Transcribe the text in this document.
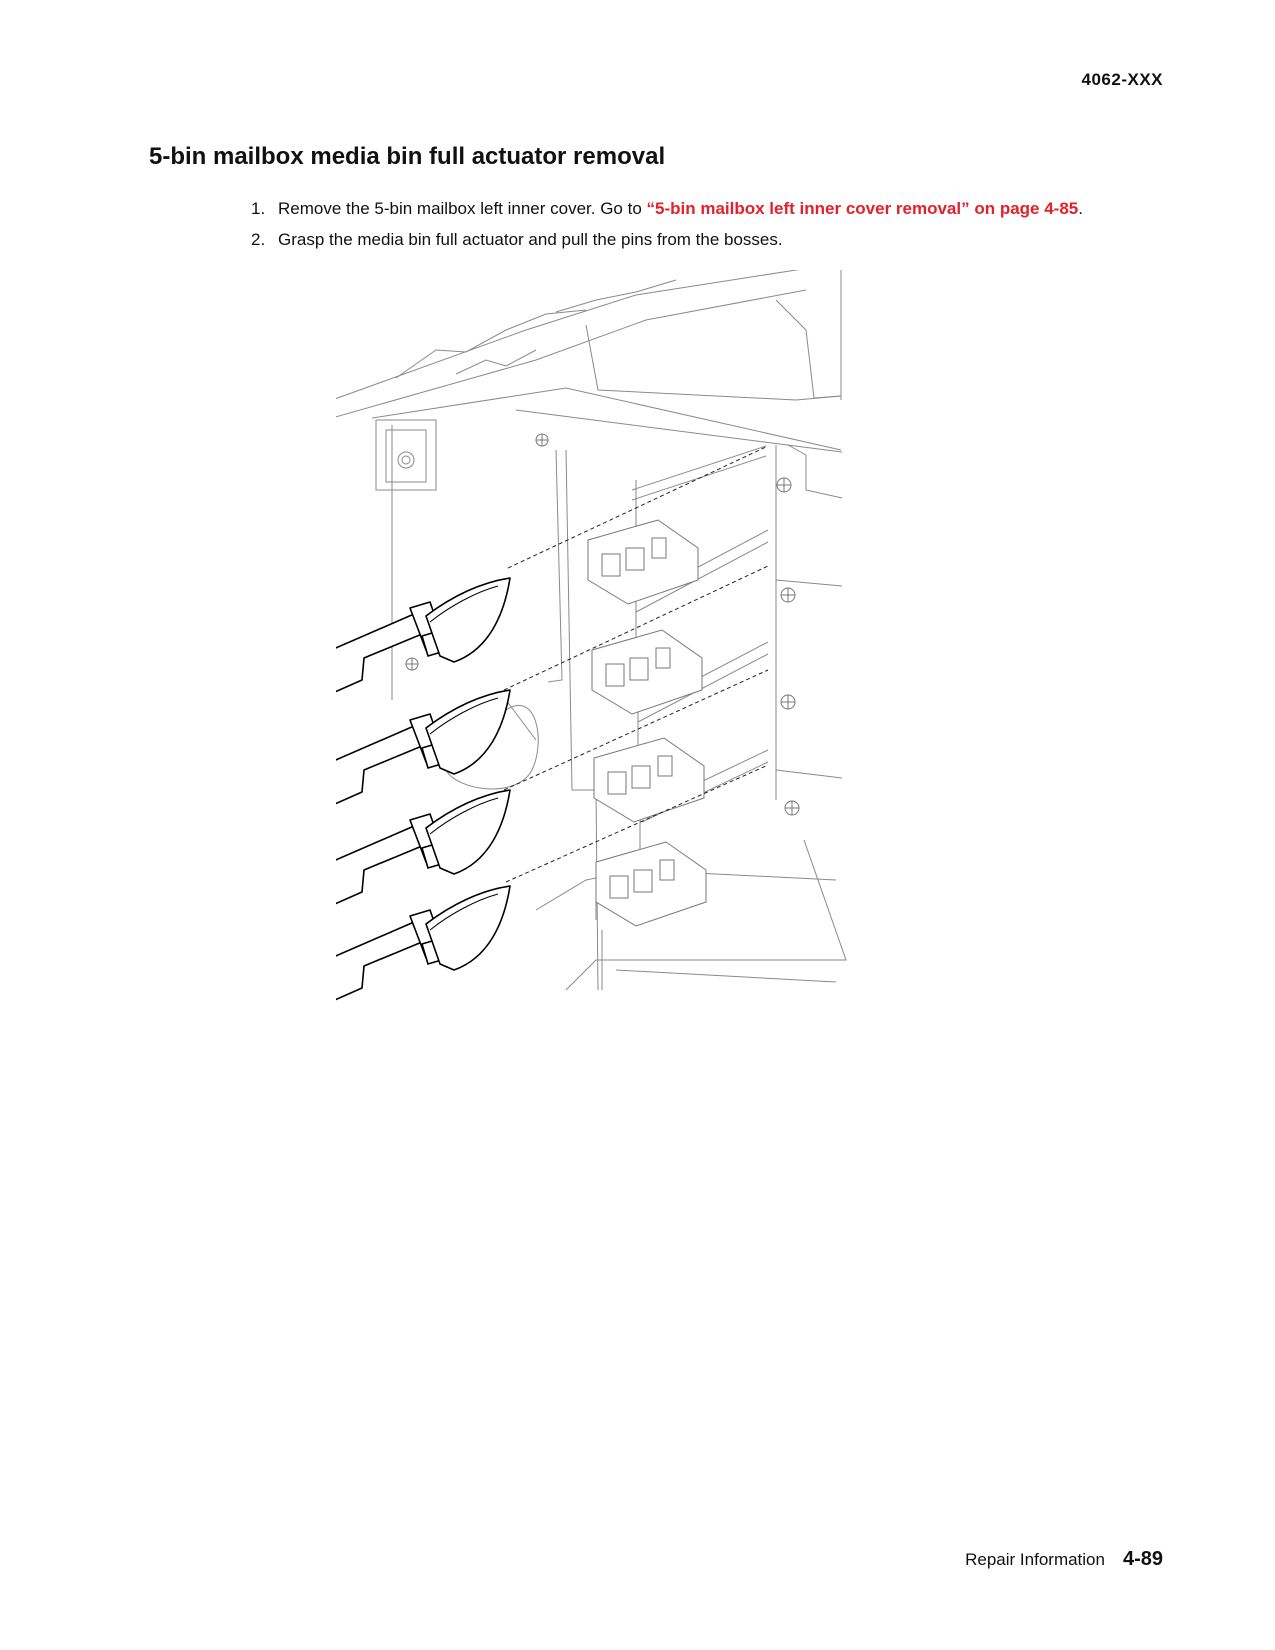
4062-XXX
5-bin mailbox media bin full actuator removal
1. Remove the 5-bin mailbox left inner cover. Go to “5-bin mailbox left inner cover removal” on page 4-85.
2. Grasp the media bin full actuator and pull the pins from the bosses.
Repair Information 4-89
